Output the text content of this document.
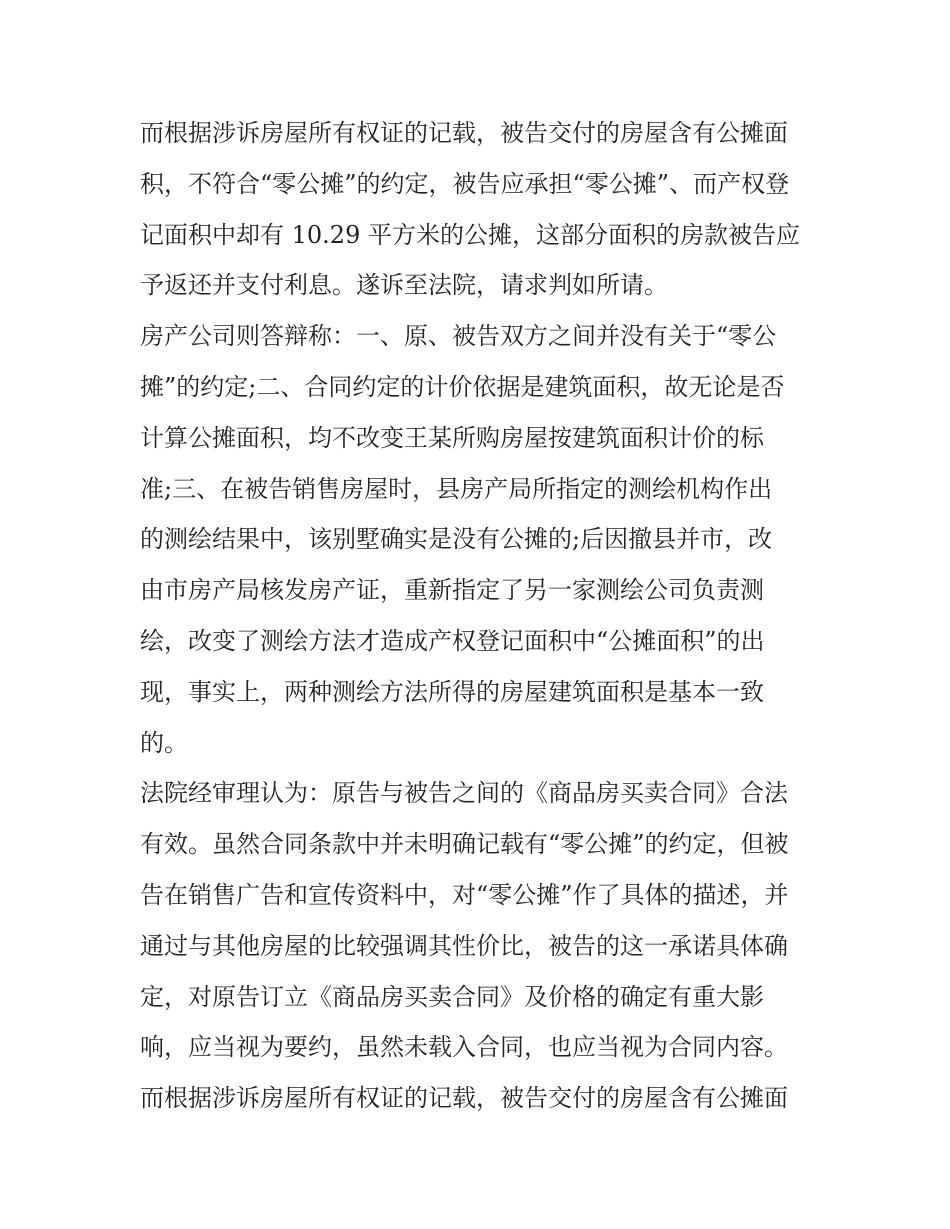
而根据涉诉房屋所有权证的记载，被告交付的房屋含有公摊面
积，不符合“零公摊”的约定，被告应承担“零公摊”、而产权登
记面积中却有 10.29 平方米的公摊，这部分面积的房款被告应
予返还并支付利息。遂诉至法院，请求判如所请。
房产公司则答辩称：一、原、被告双方之间并没有关于“零公
摊”的约定;二、合同约定的计价依据是建筑面积，故无论是否
计算公摊面积，均不改变王某所购房屋按建筑面积计价的标
准;三、在被告销售房屋时，县房产局所指定的测绘机构作出
的测绘结果中，该别墅确实是没有公摊的;后因撤县并市，改
由市房产局核发房产证，重新指定了另一家测绘公司负责测
绘，改变了测绘方法才造成产权登记面积中“公摊面积”的出
现，事实上，两种测绘方法所得的房屋建筑面积是基本一致
的。
法院经审理认为：原告与被告之间的《商品房买卖合同》合法
有效。虽然合同条款中并未明确记载有“零公摊”的约定，但被
告在销售广告和宣传资料中，对“零公摊”作了具体的描述，并
通过与其他房屋的比较强调其性价比，被告的这一承诺具体确
定，对原告订立《商品房买卖合同》及价格的确定有重大影
响，应当视为要约，虽然未载入合同，也应当视为合同内容。
而根据涉诉房屋所有权证的记载，被告交付的房屋含有公摊面
